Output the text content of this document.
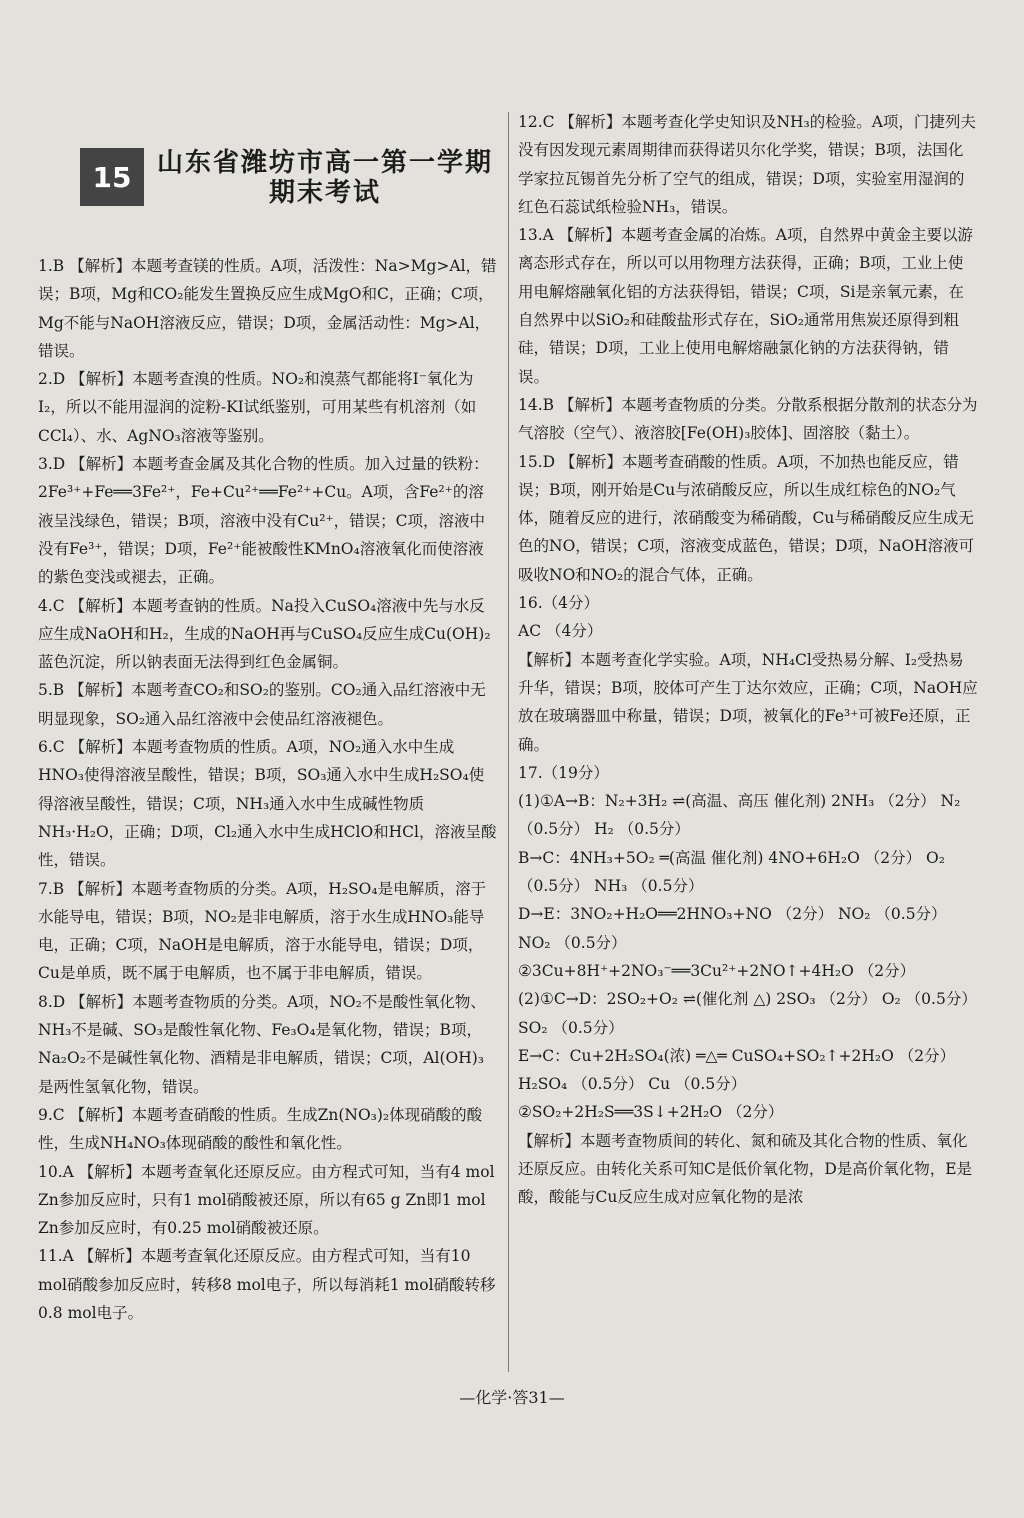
15 山东省潍坊市高一第一学期
期末考试

1.B 【解析】本题考查镁的性质。A项，活泼性：Na>Mg>Al，错误；B项，Mg和CO₂能发生置换反应生成MgO和C，正确；C项，Mg不能与NaOH溶液反应，错误；D项，金属活动性：Mg>Al，错误。

2.D 【解析】本题考查溴的性质。NO₂和溴蒸气都能将I⁻氧化为I₂，所以不能用湿润的淀粉-KI试纸鉴别，可用某些有机溶剂（如CCl₄）、水、AgNO₃溶液等鉴别。

3.D 【解析】本题考查金属及其化合物的性质。加入过量的铁粉：2Fe³⁺+Fe══3Fe²⁺，Fe+Cu²⁺══Fe²⁺+Cu。A项，含Fe²⁺的溶液呈浅绿色，错误；B项，溶液中没有Cu²⁺，错误；C项，溶液中没有Fe³⁺，错误；D项，Fe²⁺能被酸性KMnO₄溶液氧化而使溶液的紫色变浅或褪去，正确。

4.C 【解析】本题考查钠的性质。Na投入CuSO₄溶液中先与水反应生成NaOH和H₂，生成的NaOH再与CuSO₄反应生成Cu(OH)₂蓝色沉淀，所以钠表面无法得到红色金属铜。

5.B 【解析】本题考查CO₂和SO₂的鉴别。CO₂通入品红溶液中无明显现象，SO₂通入品红溶液中会使品红溶液褪色。

6.C 【解析】本题考查物质的性质。A项，NO₂通入水中生成HNO₃使得溶液呈酸性，错误；B项，SO₃通入水中生成H₂SO₄使得溶液呈酸性，错误；C项，NH₃通入水中生成碱性物质NH₃·H₂O，正确；D项，Cl₂通入水中生成HClO和HCl，溶液呈酸性，错误。

7.B 【解析】本题考查物质的分类。A项，H₂SO₄是电解质，溶于水能导电，错误；B项，NO₂是非电解质，溶于水生成HNO₃能导电，正确；C项，NaOH是电解质，溶于水能导电，错误；D项，Cu是单质，既不属于电解质，也不属于非电解质，错误。

8.D 【解析】本题考查物质的分类。A项，NO₂不是酸性氧化物、NH₃不是碱、SO₃是酸性氧化物、Fe₃O₄是氧化物，错误；B项，Na₂O₂不是碱性氧化物、酒精是非电解质，错误；C项，Al(OH)₃是两性氢氧化物，错误。

9.C 【解析】本题考查硝酸的性质。生成Zn(NO₃)₂体现硝酸的酸性，生成NH₄NO₃体现硝酸的酸性和氧化性。

10.A 【解析】本题考查氧化还原反应。由方程式可知，当有4 mol Zn参加反应时，只有1 mol硝酸被还原，所以有65 g Zn即1 mol Zn参加反应时，有0.25 mol硝酸被还原。

11.A 【解析】本题考查氧化还原反应。由方程式可知，当有10 mol硝酸参加反应时，转移8 mol电子，所以每消耗1 mol硝酸转移0.8 mol电子。

12.C 【解析】本题考查化学史知识及NH₃的检验。A项，门捷列夫没有因发现元素周期律而获得诺贝尔化学奖，错误；B项，法国化学家拉瓦锡首先分析了空气的组成，错误；D项，实验室用湿润的红色石蕊试纸检验NH₃，错误。

13.A 【解析】本题考查金属的冶炼。A项，自然界中黄金主要以游离态形式存在，所以可以用物理方法获得，正确；B项，工业上使用电解熔融氧化铝的方法获得铝，错误；C项，Si是亲氧元素，在自然界中以SiO₂和硅酸盐形式存在，SiO₂通常用焦炭还原得到粗硅，错误；D项，工业上使用电解熔融氯化钠的方法获得钠，错误。

14.B 【解析】本题考查物质的分类。分散系根据分散剂的状态分为气溶胶（空气）、液溶胶[Fe(OH)₃胶体]、固溶胶（黏土）。

15.D 【解析】本题考查硝酸的性质。A项，不加热也能反应，错误；B项，刚开始是Cu与浓硝酸反应，所以生成红棕色的NO₂气体，随着反应的进行，浓硝酸变为稀硝酸，Cu与稀硝酸反应生成无色的NO，错误；C项，溶液变成蓝色，错误；D项，NaOH溶液可吸收NO和NO₂的混合气体，正确。

16.（4分）

AC （4分）

【解析】本题考查化学实验。A项，NH₄Cl受热易分解、I₂受热易升华，错误；B项，胶体可产生丁达尔效应，正确；C项，NaOH应放在玻璃器皿中称量，错误；D项，被氧化的Fe³⁺可被Fe还原，正确。

17.（19分）

(1)①A→B：N₂+3H₂ ⇌(高温、高压 催化剂) 2NH₃ （2分） N₂ （0.5分） H₂ （0.5分）

B→C：4NH₃+5O₂ ═(高温 催化剂) 4NO+6H₂O （2分） O₂ （0.5分） NH₃ （0.5分）

D→E：3NO₂+H₂O══2HNO₃+NO （2分） NO₂ （0.5分） NO₂ （0.5分）

②3Cu+8H⁺+2NO₃⁻══3Cu²⁺+2NO↑+4H₂O （2分）

(2)①C→D：2SO₂+O₂ ⇌(催化剂 △) 2SO₃ （2分） O₂ （0.5分） SO₂ （0.5分）

E→C：Cu+2H₂SO₄(浓) ═△═ CuSO₄+SO₂↑+2H₂O （2分） H₂SO₄ （0.5分） Cu （0.5分）

②SO₂+2H₂S══3S↓+2H₂O （2分）

【解析】本题考查物质间的转化、氮和硫及其化合物的性质、氧化还原反应。由转化关系可知C是低价氧化物，D是高价氧化物，E是酸，酸能与Cu反应生成对应氧化物的是浓

—化学·答31—
